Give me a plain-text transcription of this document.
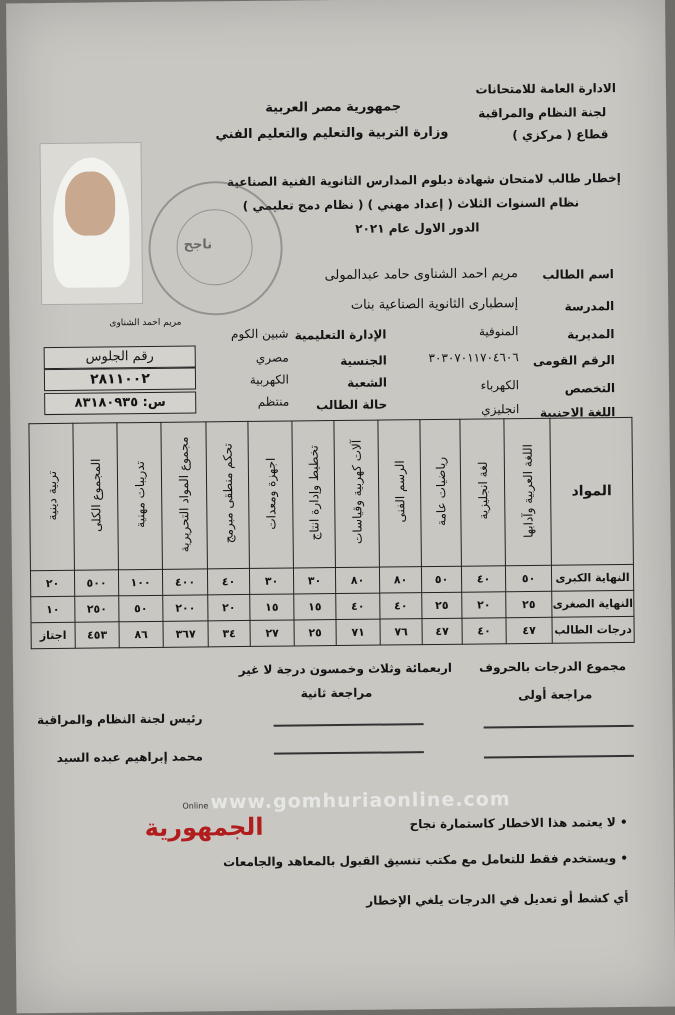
الادارة العامة للامتحانات
لجنة النظام والمراقبة
قطاع ( مركزي )
جمهورية مصر العربية
وزارة التربية والتعليم والتعليم الفني
إخطار طالب لامتحان شهادة دبلوم المدارس الثانوية الفنية الصناعية
نظام السنوات الثلاث ( إعداد مهني ) ( نظام دمج تعليمي )
الدور الاول عام ٢٠٢١
مريم احمد الشناوى
ناجح
اسم الطالب
مريم احمد الشناوى حامد عبدالمولى
المدرسة
إسطبارى الثانوية الصناعية بنات
المديرية
المنوفية
الإدارة التعليمية
شبين الكوم
الرقم القومى
٣٠٣٠٧٠١١٧٠٤٦٠٦
الجنسية
مصري
التخصص
الكهرباء
الشعبة
الكهربية
اللغة الاجنبية
انجليزي
حالة الطالب
منتظم
رقم الجلوس
٢٨١١٠٠٢
س: ٨٣١٨٠٩٣٥
تربية دينية	المجموع الكلى	تدريبات مهنية	مجموع المواد التحريرية	تحكم منطقى مبرمج	اجهزة ومعدات	تخطيط وإدارة انتاج	آلات كهربية وقياسات	الرسم الفنى	رياضيات عامة	لغة انجليزية	اللغة العربية وآدابها	المواد
٢٠	٥٠٠	١٠٠	٤٠٠	٤٠	٣٠	٣٠	٨٠	٨٠	٥٠	٤٠	٥٠	النهاية الكبرى
١٠	٢٥٠	٥٠	٢٠٠	٢٠	١٥	١٥	٤٠	٤٠	٢٥	٢٠	٢٥	النهاية الصغرى
اجتاز	٤٥٣	٨٦	٣٦٧	٣٤	٢٧	٢٥	٧١	٧٦	٤٧	٤٠	٤٧	درجات الطالب
مجموع الدرجات بالحروف
اربعمائة وثلاث وخمسون درجة لا غير
مراجعة أولى
مراجعة ثانية
رئيس لجنة النظام والمراقبة
محمد إبراهيم عبده السيد
www.gomhuriaonline.com
الجمهورية
Online
• لا يعتمد هذا الاخطار كاستمارة نجاح
• ويستخدم فقط للتعامل مع مكتب تنسيق القبول بالمعاهد والجامعات
أي كشط أو تعديل في الدرجات يلغي الإخطار
